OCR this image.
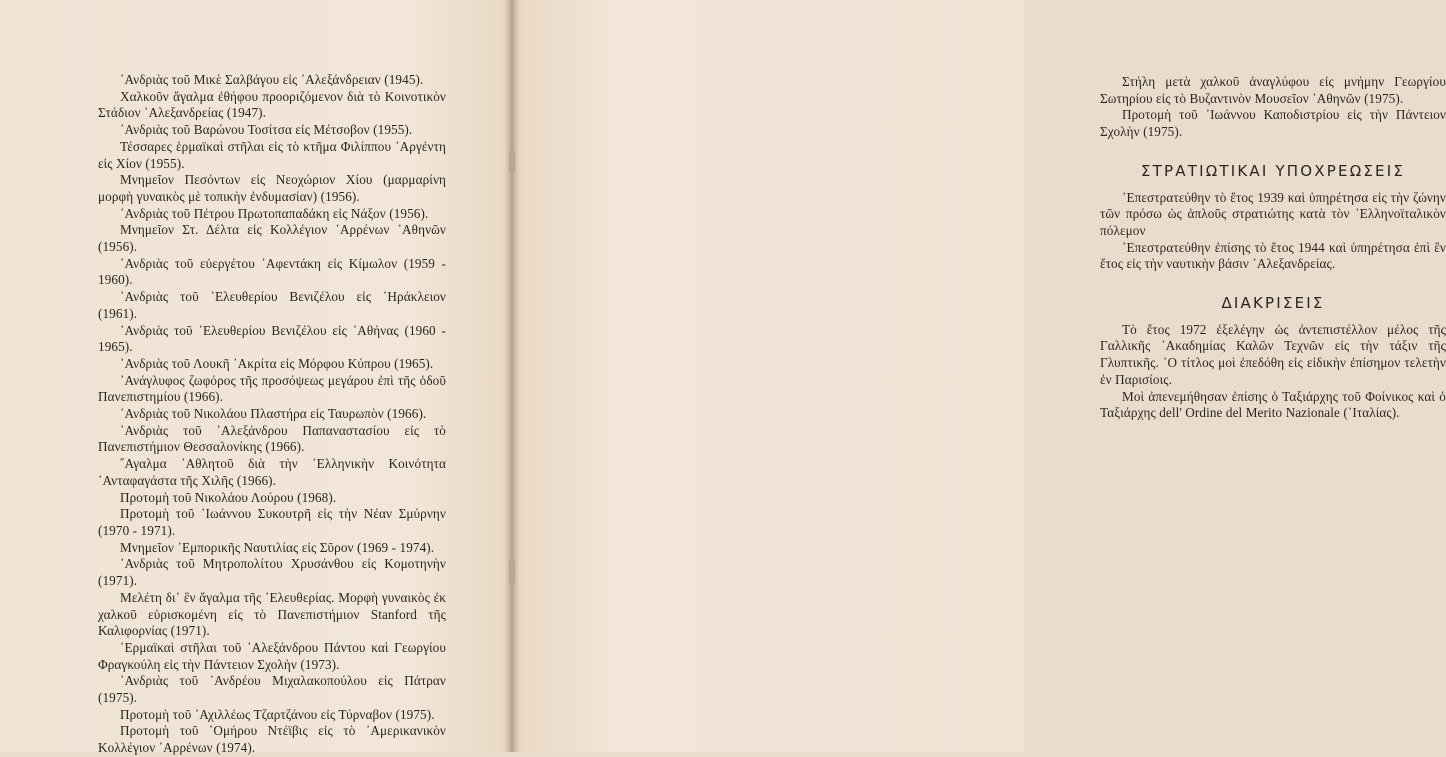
᾿Ανδριὰς τοῦ Μικὲ Σαλβάγου εἰς ᾿Αλεξάνδρειαν (1945).

Χαλκοῦν ἄγαλμα ἐθήφου προοριζόμενον διὰ τὸ Κοινοτικὸν Στάδιον ᾿Αλεξανδρείας (1947).

᾿Ανδριὰς τοῦ Βαρώνου Τοσίτσα εἰς Μέτσοβον (1955).

Τέσσαρες ἑρμαϊκαὶ στῆλαι εἰς τὸ κτῆμα Φιλίππου ᾿Αργέντη εἰς Χίον (1955).

Μνημεῖον Πεσόντων εἰς Νεοχώριον Χίου (μαρμαρίνη μορφὴ γυναικὸς μὲ τοπικὴν ἐνδυμασίαν) (1956).

᾿Ανδριὰς τοῦ Πέτρου Πρωτοπαπαδάκη εἰς Νάξον (1956).

Μνημεῖον Στ. Δέλτα εἰς Κολλέγιον ᾿Αρρένων ᾿Αθηνῶν (1956).

᾿Ανδριὰς τοῦ εὐεργέτου ᾿Αφεντάκη εἰς Κίμωλον (1959 - 1960).

᾿Ανδριὰς τοῦ ᾿Ελευθερίου Βενιζέλου εἰς ῾Ηράκλειον (1961).

᾿Ανδριὰς τοῦ ᾿Ελευθερίου Βενιζέλου εἰς ᾿Αθήνας (1960 - 1965).

᾿Ανδριὰς τοῦ Λουκῆ ᾿Ακρίτα εἰς Μόρφου Κύπρου (1965).

᾿Ανάγλυφος ζωφόρος τῆς προσόψεως μεγάρου ἐπὶ τῆς ὁδοῦ Πανεπιστημίου (1966).

᾿Ανδριὰς τοῦ Νικολάου Πλαστήρα εἰς Ταυρωπὸν (1966).

᾿Ανδριὰς τοῦ ᾿Αλεξάνδρου Παπαναστασίου εἰς τὸ Πανεπιστήμιον Θεσσαλονίκης (1966).

῎Αγαλμα ᾿Αθλητοῦ διὰ τὴν ῾Ελληνικὴν Κοινότητα ᾿Ανταφαγάστα τῆς Χιλῆς (1966).

Προτομὴ τοῦ Νικολάου Λούρου (1968).

Προτομὴ τοῦ ᾿Ιωάννου Συκουτρῆ εἰς τὴν Νέαν Σμύρνην (1970 - 1971).

Μνημεῖον ᾿Εμπορικῆς Ναυτιλίας εἰς Σῦρον (1969 - 1974).

᾿Ανδριὰς τοῦ Μητροπολίτου Χρυσάνθου εἰς Κομοτηνὴν (1971).

Μελέτη δι᾿ ἓν ἄγαλμα τῆς ᾿Ελευθερίας. Μορφὴ γυναικὸς ἐκ χαλκοῦ εὑρισκομένη εἰς τὸ Πανεπιστήμιον Stanford τῆς Καλιφορνίας (1971).

῾Ερμαϊκαὶ στῆλαι τοῦ ᾿Αλεξάνδρου Πάντου καὶ Γεωργίου Φραγκούλη εἰς τὴν Πάντειον Σχολὴν (1973).

᾿Ανδριὰς τοῦ ᾿Ανδρέου Μιχαλακοπούλου εἰς Πάτραν (1975).

Προτομὴ τοῦ ᾿Αχιλλέως Τζαρτζάνου εἰς Τύρναβον (1975).

Προτομὴ τοῦ ῾Ομήρου Ντέϊβις εἰς τὸ ᾿Αμερικανικὸν Κολλέγιον ᾿Αρρένων (1974).

Στήλη μετὰ χαλκοῦ ἀναγλύφου εἰς μνήμην Γεωργίου Σωτηρίου εἰς τὸ Βυζαντινὸν Μουσεῖον ᾿Αθηνῶν (1975).

Προτομὴ τοῦ ᾿Ιωάννου Καποδιστρίου εἰς τὴν Πάντειον Σχολὴν (1975).

ΣΤΡΑΤΙΩΤΙΚΑΙ ΥΠΟΧΡΕΩΣΕΙΣ

᾿Επεστρατεύθην τὸ ἔτος 1939 καὶ ὑπηρέτησα εἰς τὴν ζώνην τῶν πρόσω ὡς ἁπλοῦς στρατιώτης κατὰ τὸν ῾Ελληνοϊταλικὸν πόλεμον

᾿Επεστρατεύθην ἐπίσης τὸ ἔτος 1944 καὶ ὑπηρέτησα ἐπὶ ἓν ἔτος εἰς τὴν ναυτικὴν βάσιν ᾿Αλεξανδρείας.

ΔΙΑΚΡΙΣΕΙΣ

Τὸ ἔτος 1972 ἐξελέγην ὡς ἀντεπιστέλλον μέλος τῆς Γαλλικῆς ᾿Ακαδημίας Καλῶν Τεχνῶν εἰς τὴν τάξιν τῆς Γλυπτικῆς. ῾Ο τίτλος μοὶ ἐπεδόθη εἰς εἰδικὴν ἐπίσημον τελετὴν ἐν Παρισίοις.

Μοὶ ἀπενεμήθησαν ἐπίσης ὁ Ταξιάρχης τοῦ Φοίνικος καὶ ὁ Ταξιάρχης dell' Ordine del Merito Nazionale (᾿Ιταλίας).
